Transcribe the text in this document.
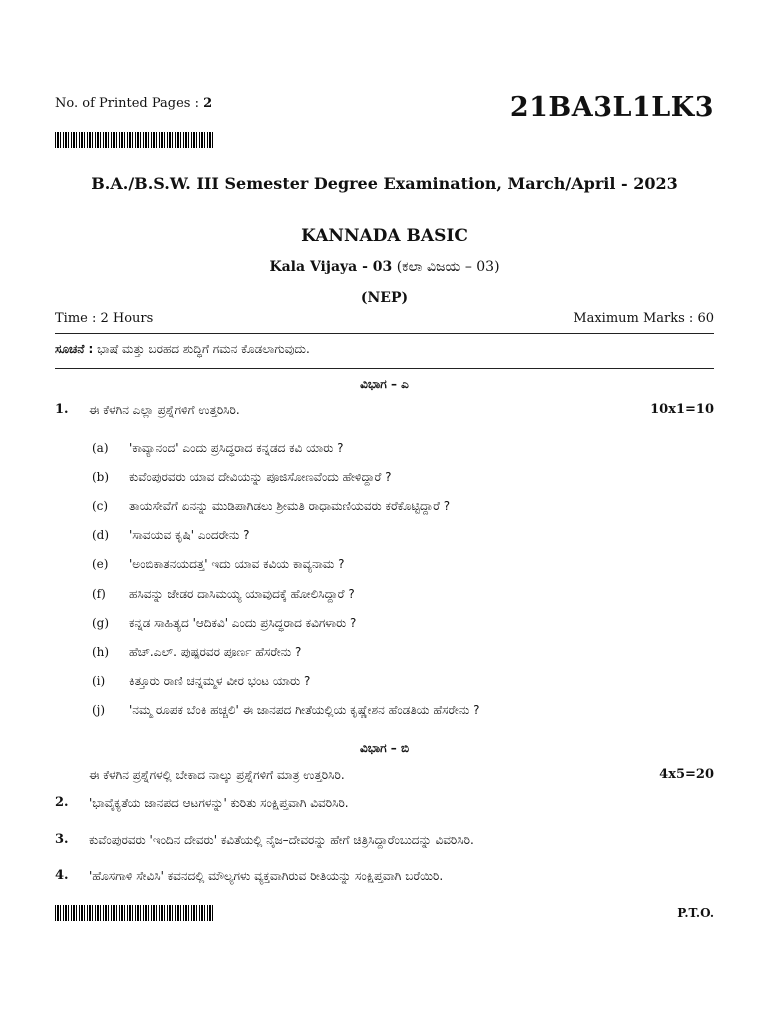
No. of Printed Pages : 2	21BA3L1LK3
B.A./B.S.W. III Semester Degree Examination, March/April - 2023
KANNADA BASIC
Kala Vijaya - 03 (ಕಲಾ ವಿಜಯ – 03)
(NEP)
Time : 2 Hours	Maximum Marks : 60
ಸೂಚನೆ : ಭಾಷೆ ಮತ್ತು ಬರಹದ ಶುದ್ಧಿಗೆ ಗಮನ ಕೊಡಲಾಗುವುದು.
ವಿಭಾಗ – ಎ
1. ಈ ಕೆಳಗಿನ ಎಲ್ಲಾ ಪ್ರಶ್ನೆಗಳಿಗೆ ಉತ್ತರಿಸಿರಿ.	10x1=10
(a) 'ಕಾವ್ಯಾನಂದ' ಎಂದು ಪ್ರಸಿದ್ಧರಾದ ಕನ್ನಡದ ಕವಿ ಯಾರು ?
(b) ಕುವೆಂಪುರವರು ಯಾವ ದೇವಿಯನ್ನು ಪೂಜಿಸೋಣವೆಂದು ಹೇಳಿದ್ದಾರೆ ?
(c) ತಾಯಸೇವೆಗೆ ಏನನ್ನು ಮುಡಿಪಾಗಿಡಲು ಶ್ರೀಮತಿ ರಾಧಾಮಣಿಯವರು ಕರೆಕೊಟ್ಟಿದ್ದಾರೆ ?
(d) 'ಸಾವಯವ ಕೃಷಿ' ಎಂದರೇನು ?
(e) 'ಅಂಬಿಕಾತನಯದತ್ತ' ಇದು ಯಾವ ಕವಿಯ ಕಾವ್ಯನಾಮ ?
(f) ಹಸಿವನ್ನು ಜೇಡರ ದಾಸಿಮಯ್ಯ ಯಾವುದಕ್ಕೆ ಹೋಲಿಸಿದ್ದಾರೆ ?
(g) ಕನ್ನಡ ಸಾಹಿತ್ಯದ 'ಆದಿಕವಿ' ಎಂದು ಪ್ರಸಿದ್ಧರಾದ ಕವಿಗಳಾರು ?
(h) ಹೆಚ್.ಎಲ್. ಪುಷ್ಪರವರ ಪೂರ್ಣ ಹೆಸರೇನು ?
(i) ಕಿತ್ತೂರು ರಾಣಿ ಚನ್ನಮ್ಮಳ ವೀರ ಭಂಟ ಯಾರು ?
(j) 'ನಮ್ಮ ರೂಪಕ ಬೆಂಕಿ ಹಚ್ಚಲಿ' ಈ ಜಾನಪದ ಗೀತೆಯಲ್ಲಿಯ ಕೃಷ್ಣೇಶನ ಹೆಂಡತಿಯ ಹೆಸರೇನು ?
ವಿಭಾಗ – ಬಿ
ಈ ಕೆಳಗಿನ ಪ್ರಶ್ನೆಗಳಲ್ಲಿ ಬೇಕಾದ ನಾಲ್ಕು ಪ್ರಶ್ನೆಗಳಿಗೆ ಮಾತ್ರ ಉತ್ತರಿಸಿರಿ.	4x5=20
2. 'ಭಾವೈಕ್ಯತೆಯ ಜಾನಪದ ಆಟಗಳನ್ನು' ಕುರಿತು ಸಂಕ್ಷಿಪ್ತವಾಗಿ ವಿವರಿಸಿರಿ.
3. ಕುವೆಂಪುರವರು 'ಇಂದಿನ ದೇವರು' ಕವಿತೆಯಲ್ಲಿ ನೈಜ–ದೇವರನ್ನು ಹೇಗೆ ಚಿತ್ರಿಸಿದ್ದಾರೆಂಬುದನ್ನು ವಿವರಿಸಿರಿ.
4. 'ಹೊಸಗಾಳಿ ಸೇವಿಸಿ' ಕವನದಲ್ಲಿ ಮೌಲ್ಯಗಳು ವ್ಯಕ್ತವಾಗಿರುವ ರೀತಿಯನ್ನು ಸಂಕ್ಷಿಪ್ತವಾಗಿ ಬರೆಯಿರಿ.
P.T.O.
